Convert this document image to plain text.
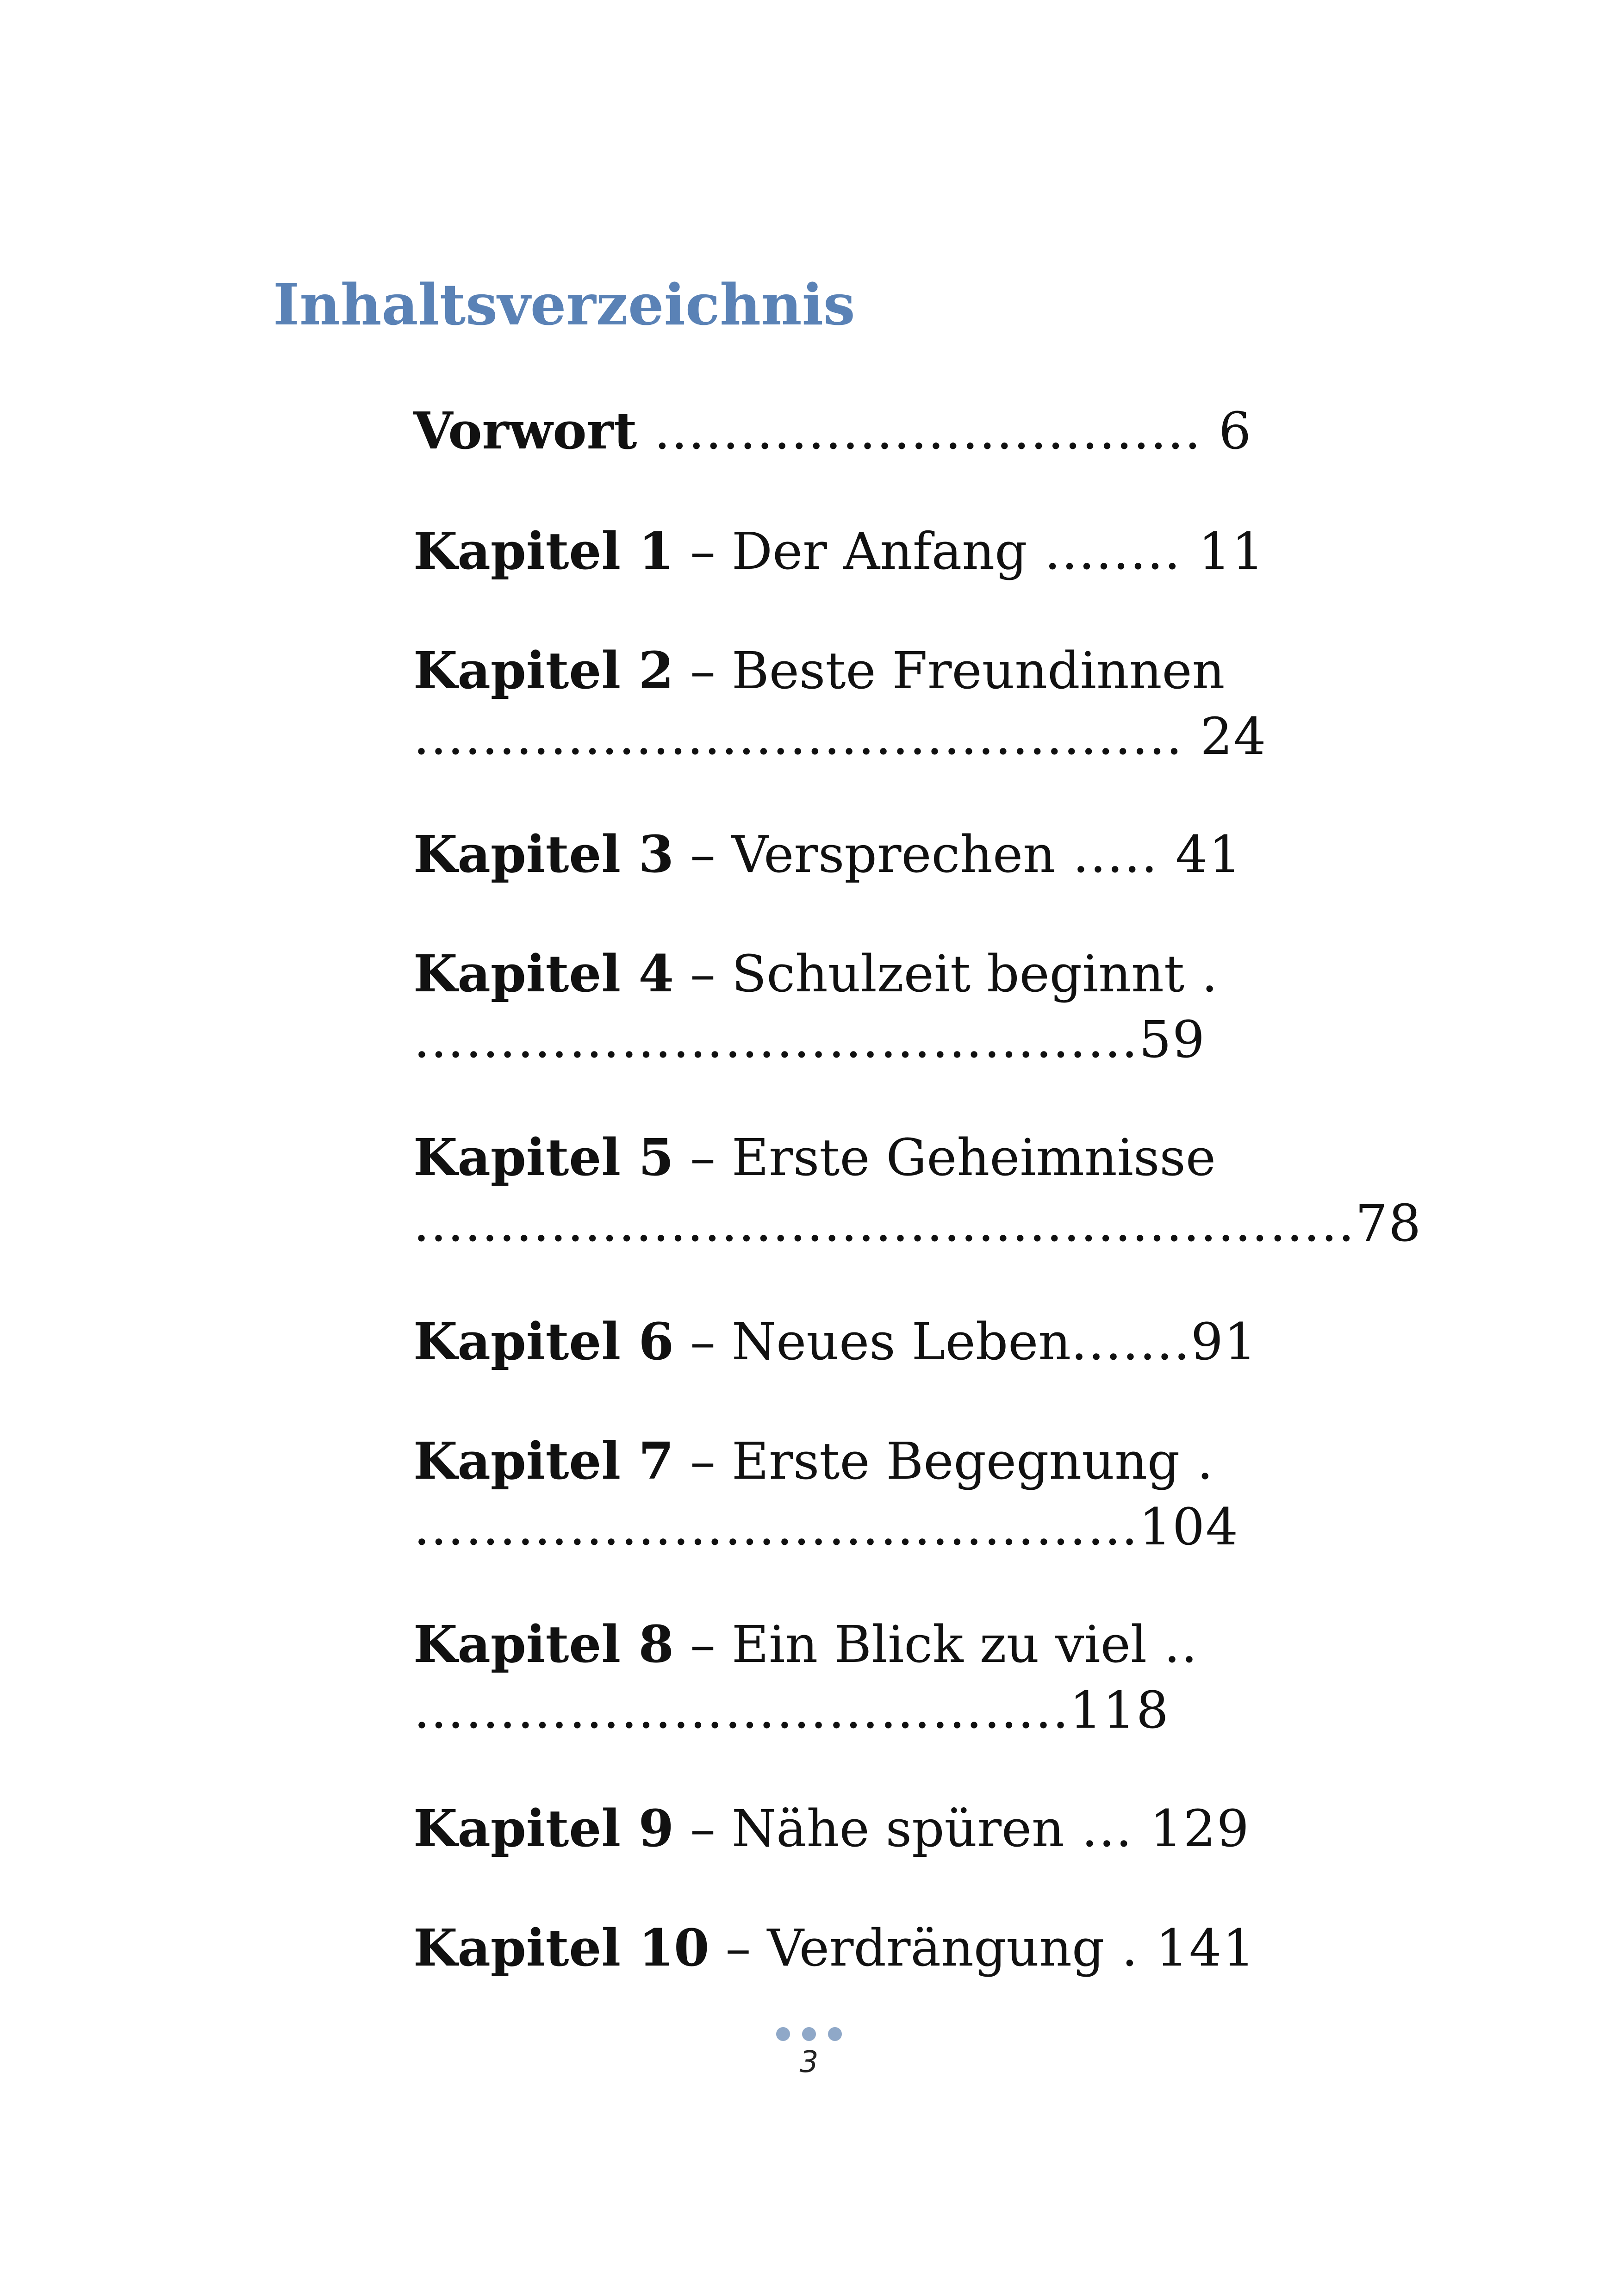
Inhaltsverzeichnis
Vorwort ................................ 6
Kapitel 1 – Der Anfang ........ 11
Kapitel 2 – Beste Freundinnen
............................................. 24
Kapitel 3 – Versprechen ..... 41
Kapitel 4 – Schulzeit beginnt .
……………………………………59
Kapitel 5 – Erste Geheimnisse
...............................................……..78
Kapitel 6 – Neues Leben.......91
Kapitel 7 – Erste Begegnung .
……………………………………104
Kapitel 8 – Ein Blick zu viel ..
………………………………..118
Kapitel 9 – Nähe spüren ... 129
Kapitel 10 – Verdrängung . 141
3
